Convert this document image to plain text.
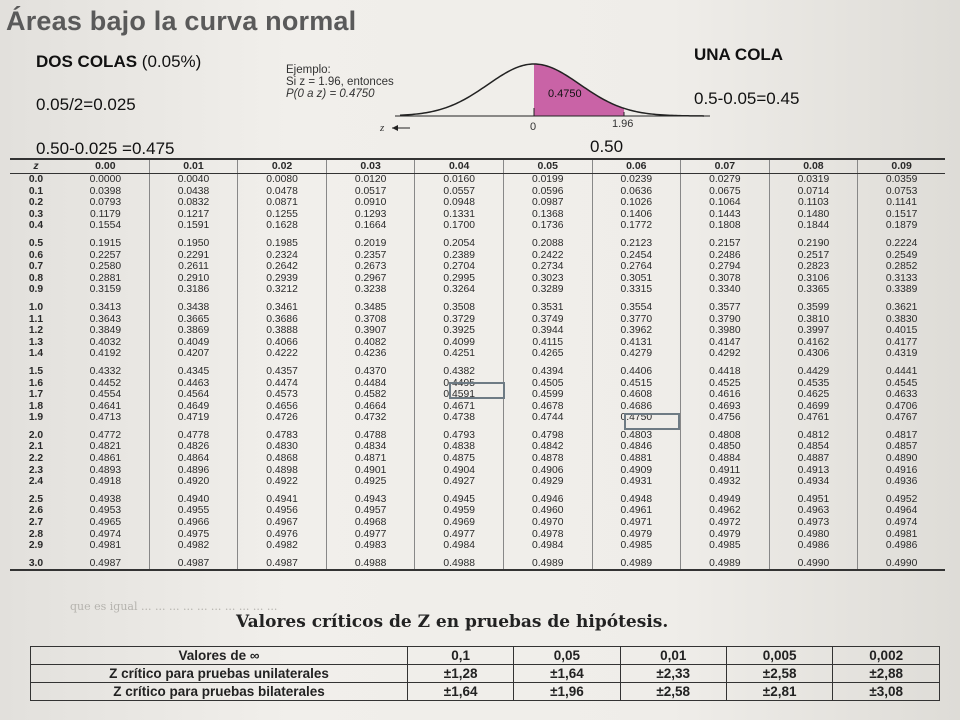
Áreas bajo la curva normal
DOS COLAS (0.05%)
0.05/2=0.025
0.50-0.025 =0.475
UNA COLA
0.5-0.05=0.45
Ejemplo:
Si z = 1.96, entonces
P(0 a z) = 0.4750	0.4750
z	0	1.96
0.50
z	0.00	0.01	0.02	0.03	0.04	0.05	0.06	0.07	0.08	0.09
0.0	0.0000	0.0040	0.0080	0.0120	0.0160	0.0199	0.0239	0.0279	0.0319	0.0359
0.1	0.0398	0.0438	0.0478	0.0517	0.0557	0.0596	0.0636	0.0675	0.0714	0.0753
0.2	0.0793	0.0832	0.0871	0.0910	0.0948	0.0987	0.1026	0.1064	0.1103	0.1141
0.3	0.1179	0.1217	0.1255	0.1293	0.1331	0.1368	0.1406	0.1443	0.1480	0.1517
0.4	0.1554	0.1591	0.1628	0.1664	0.1700	0.1736	0.1772	0.1808	0.1844	0.1879
0.5	0.1915	0.1950	0.1985	0.2019	0.2054	0.2088	0.2123	0.2157	0.2190	0.2224
0.6	0.2257	0.2291	0.2324	0.2357	0.2389	0.2422	0.2454	0.2486	0.2517	0.2549
0.7	0.2580	0.2611	0.2642	0.2673	0.2704	0.2734	0.2764	0.2794	0.2823	0.2852
0.8	0.2881	0.2910	0.2939	0.2967	0.2995	0.3023	0.3051	0.3078	0.3106	0.3133
0.9	0.3159	0.3186	0.3212	0.3238	0.3264	0.3289	0.3315	0.3340	0.3365	0.3389
1.0	0.3413	0.3438	0.3461	0.3485	0.3508	0.3531	0.3554	0.3577	0.3599	0.3621
1.1	0.3643	0.3665	0.3686	0.3708	0.3729	0.3749	0.3770	0.3790	0.3810	0.3830
1.2	0.3849	0.3869	0.3888	0.3907	0.3925	0.3944	0.3962	0.3980	0.3997	0.4015
1.3	0.4032	0.4049	0.4066	0.4082	0.4099	0.4115	0.4131	0.4147	0.4162	0.4177
1.4	0.4192	0.4207	0.4222	0.4236	0.4251	0.4265	0.4279	0.4292	0.4306	0.4319
1.5	0.4332	0.4345	0.4357	0.4370	0.4382	0.4394	0.4406	0.4418	0.4429	0.4441
1.6	0.4452	0.4463	0.4474	0.4484	0.4495	0.4505	0.4515	0.4525	0.4535	0.4545
1.7	0.4554	0.4564	0.4573	0.4582	0.4591	0.4599	0.4608	0.4616	0.4625	0.4633
1.8	0.4641	0.4649	0.4656	0.4664	0.4671	0.4678	0.4686	0.4693	0.4699	0.4706
1.9	0.4713	0.4719	0.4726	0.4732	0.4738	0.4744	0.4750	0.4756	0.4761	0.4767
2.0	0.4772	0.4778	0.4783	0.4788	0.4793	0.4798	0.4803	0.4808	0.4812	0.4817
2.1	0.4821	0.4826	0.4830	0.4834	0.4838	0.4842	0.4846	0.4850	0.4854	0.4857
2.2	0.4861	0.4864	0.4868	0.4871	0.4875	0.4878	0.4881	0.4884	0.4887	0.4890
2.3	0.4893	0.4896	0.4898	0.4901	0.4904	0.4906	0.4909	0.4911	0.4913	0.4916
2.4	0.4918	0.4920	0.4922	0.4925	0.4927	0.4929	0.4931	0.4932	0.4934	0.4936
2.5	0.4938	0.4940	0.4941	0.4943	0.4945	0.4946	0.4948	0.4949	0.4951	0.4952
2.6	0.4953	0.4955	0.4956	0.4957	0.4959	0.4960	0.4961	0.4962	0.4963	0.4964
2.7	0.4965	0.4966	0.4967	0.4968	0.4969	0.4970	0.4971	0.4972	0.4973	0.4974
2.8	0.4974	0.4975	0.4976	0.4977	0.4977	0.4978	0.4979	0.4979	0.4980	0.4981
2.9	0.4981	0.4982	0.4982	0.4983	0.4984	0.4984	0.4985	0.4985	0.4986	0.4986
3.0	0.4987	0.4987	0.4987	0.4988	0.4988	0.4989	0.4989	0.4989	0.4990	0.4990
que es igual ... ... ... ... ... ... ... ... ... ...
Valores críticos de Z en pruebas de hipótesis.
Valores de ∞	0,1	0,05	0,01	0,005	0,002
Z crítico para pruebas unilaterales	±1,28	±1,64	±2,33	±2,58	±2,88
Z crítico para pruebas bilaterales	±1,64	±1,96	±2,58	±2,81	±3,08
